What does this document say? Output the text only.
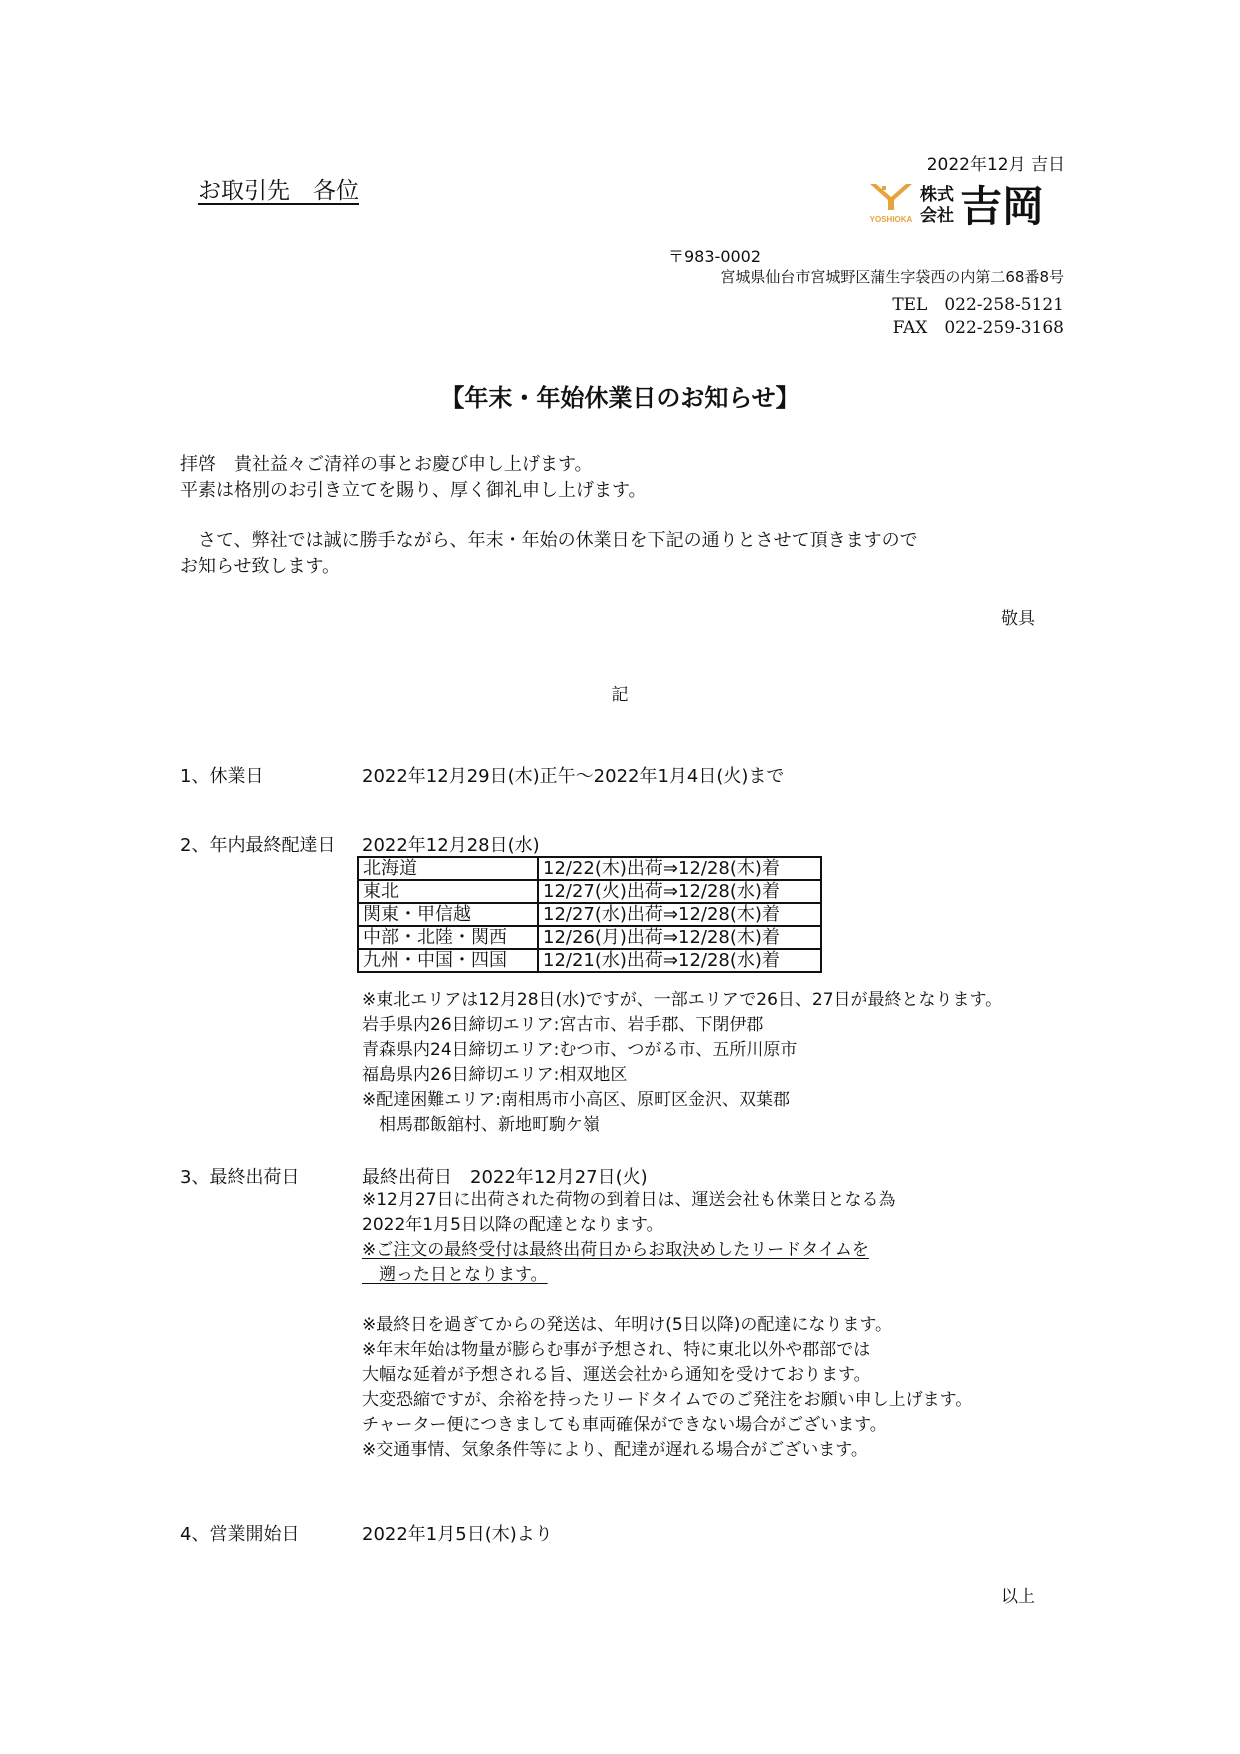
お取引先　各位
2022年12月 吉日
YOSHIOKA
株式
会社 吉岡
〒983-0002
宮城県仙台市宮城野区蒲生字袋西の内第二68番8号
TEL　022-258-5121
FAX　022-259-3168
【年末・年始休業日のお知らせ】
拝啓　貴社益々ご清祥の事とお慶び申し上げます。
平素は格別のお引き立てを賜り、厚く御礼申し上げます。
　さて、弊社では誠に勝手ながら、年末・年始の休業日を下記の通りとさせて頂きますので
お知らせ致します。
敬具
記
1、休業日	2022年12月29日(木)正午～2022年1月4日(火)まで
2、年内最終配達日 2022年12月28日(水)
北海道	12/22(木)出荷⇒12/28(木)着
東北	12/27(火)出荷⇒12/28(水)着
関東・甲信越	12/27(水)出荷⇒12/28(木)着
中部・北陸・関西	12/26(月)出荷⇒12/28(木)着
九州・中国・四国	12/21(水)出荷⇒12/28(水)着
※東北エリアは12月28日(水)ですが、一部エリアで26日、27日が最終となります。
岩手県内26日締切エリア:宮古市、岩手郡、下閉伊郡
青森県内24日締切エリア:むつ市、つがる市、五所川原市
福島県内26日締切エリア:相双地区
※配達困難エリア:南相馬市小高区、原町区金沢、双葉郡
　相馬郡飯舘村、新地町駒ケ嶺
3、最終出荷日	最終出荷日　2022年12月27日(火)
※12月27日に出荷された荷物の到着日は、運送会社も休業日となる為
2022年1月5日以降の配達となります。
※ご注文の最終受付は最終出荷日からお取決めしたリードタイムを
　遡った日となります。
※最終日を過ぎてからの発送は、年明け(5日以降)の配達になります。
※年末年始は物量が膨らむ事が予想され、特に東北以外や郡部では
大幅な延着が予想される旨、運送会社から通知を受けております。
大変恐縮ですが、余裕を持ったリードタイムでのご発注をお願い申し上げます。
チャーター便につきましても車両確保ができない場合がございます。
※交通事情、気象条件等により、配達が遅れる場合がございます。
4、営業開始日	2022年1月5日(木)より
以上
